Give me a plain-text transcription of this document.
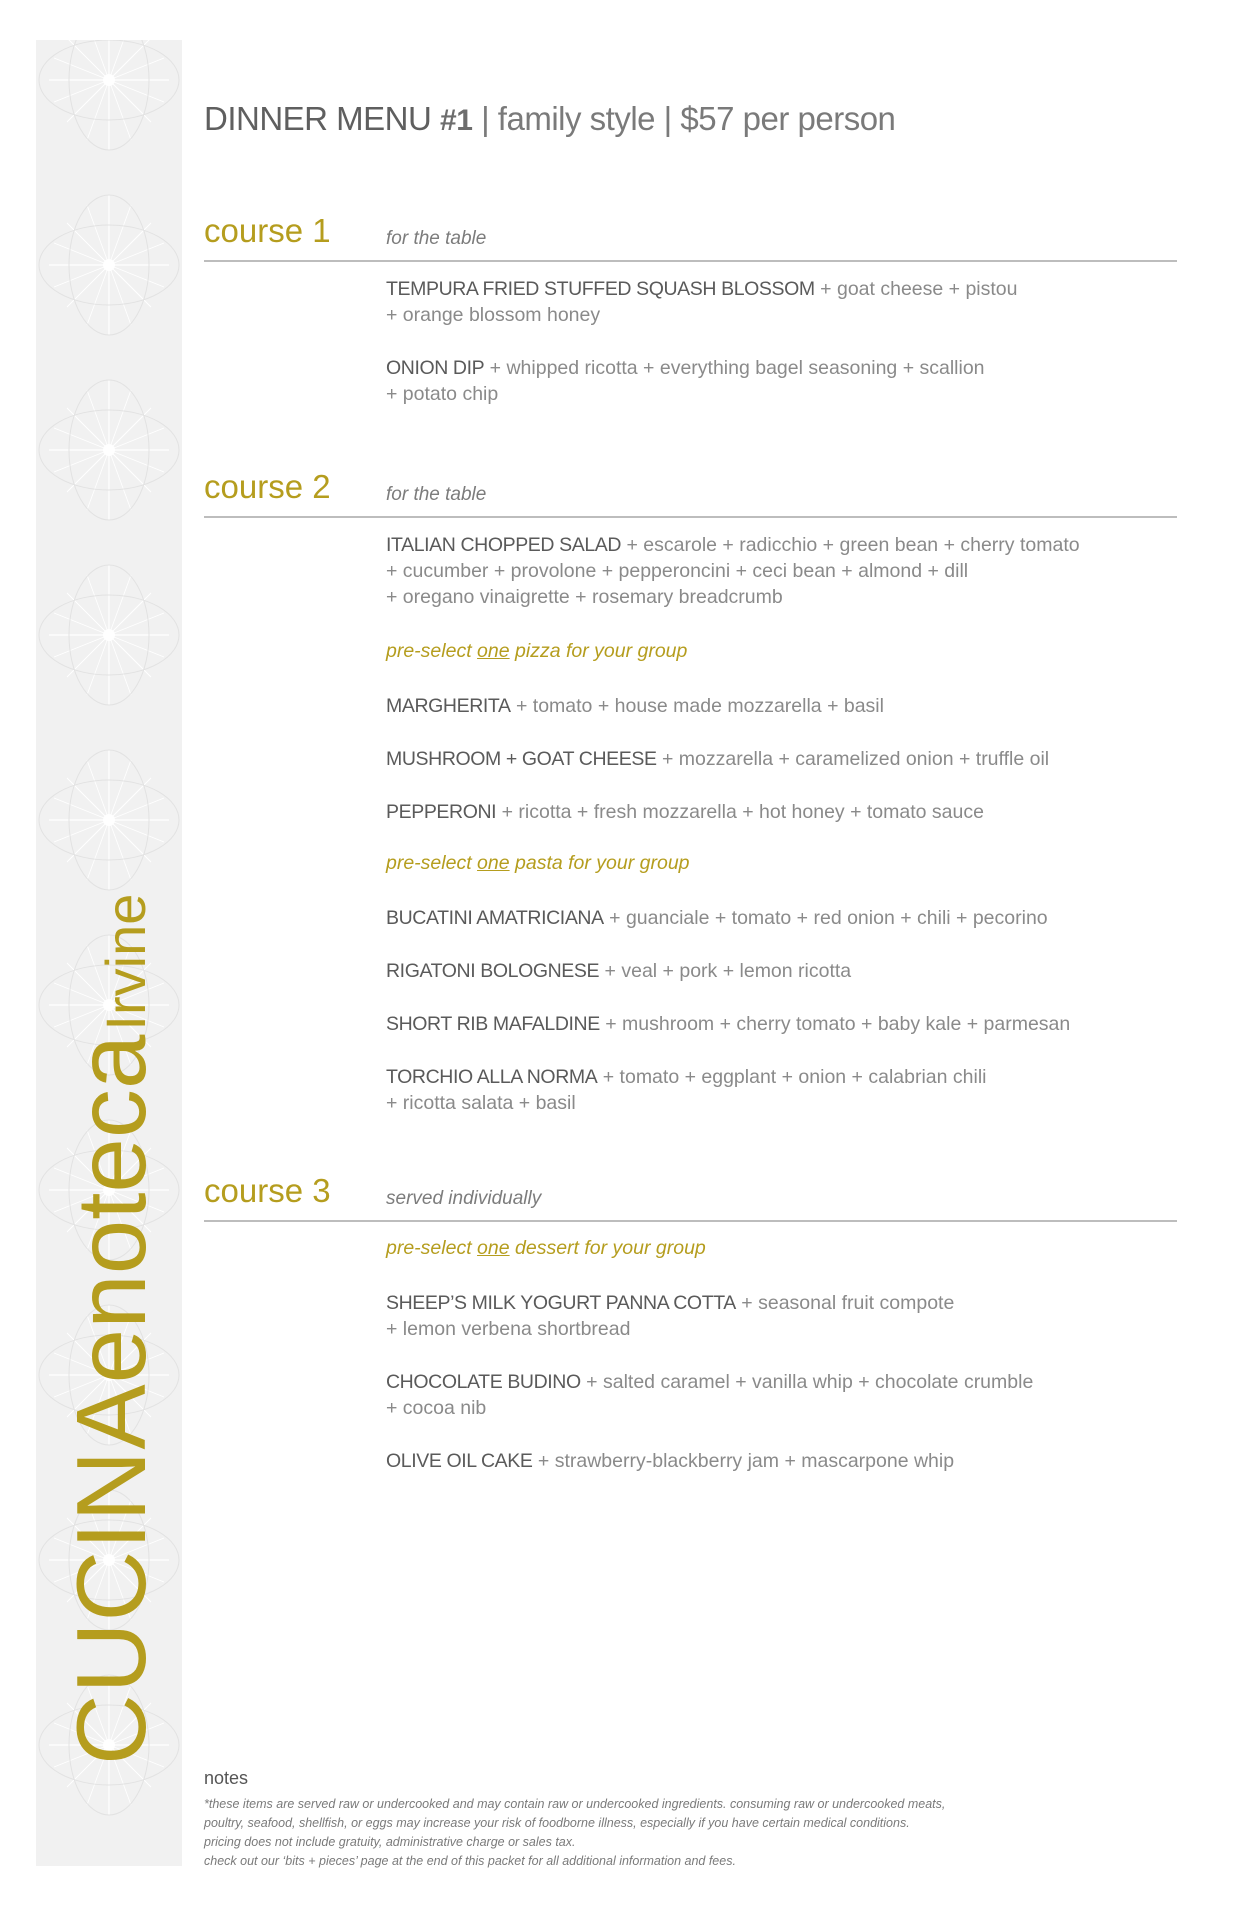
CUCINAenotecaIrvine
DINNER MENU #1 | family style | $57 per person
course 1	for the table
TEMPURA FRIED STUFFED SQUASH BLOSSOM + goat cheese + pistou
+ orange blossom honey
ONION DIP + whipped ricotta + everything bagel seasoning + scallion
+ potato chip
course 2	for the table
ITALIAN CHOPPED SALAD + escarole + radicchio + green bean + cherry tomato
+ cucumber + provolone + pepperoncini + ceci bean + almond + dill
+ oregano vinaigrette + rosemary breadcrumb
pre-select one pizza for your group
MARGHERITA + tomato + house made mozzarella + basil
MUSHROOM + GOAT CHEESE + mozzarella + caramelized onion + truffle oil
PEPPERONI + ricotta + fresh mozzarella + hot honey + tomato sauce
pre-select one pasta for your group
BUCATINI AMATRICIANA + guanciale + tomato + red onion + chili + pecorino
RIGATONI BOLOGNESE + veal + pork + lemon ricotta
SHORT RIB MAFALDINE + mushroom + cherry tomato + baby kale + parmesan
TORCHIO ALLA NORMA + tomato + eggplant + onion + calabrian chili
+ ricotta salata + basil
course 3	served individually
pre-select one dessert for your group
SHEEP’S MILK YOGURT PANNA COTTA + seasonal fruit compote
+ lemon verbena shortbread
CHOCOLATE BUDINO + salted caramel + vanilla whip + chocolate crumble
+ cocoa nib
OLIVE OIL CAKE + strawberry-blackberry jam + mascarpone whip
notes
*these items are served raw or undercooked and may contain raw or undercooked ingredients. consuming raw or undercooked meats,
poultry, seafood, shellfish, or eggs may increase your risk of foodborne illness, especially if you have certain medical conditions.
pricing does not include gratuity, administrative charge or sales tax.
check out our ‘bits + pieces’ page at the end of this packet for all additional information and fees.
